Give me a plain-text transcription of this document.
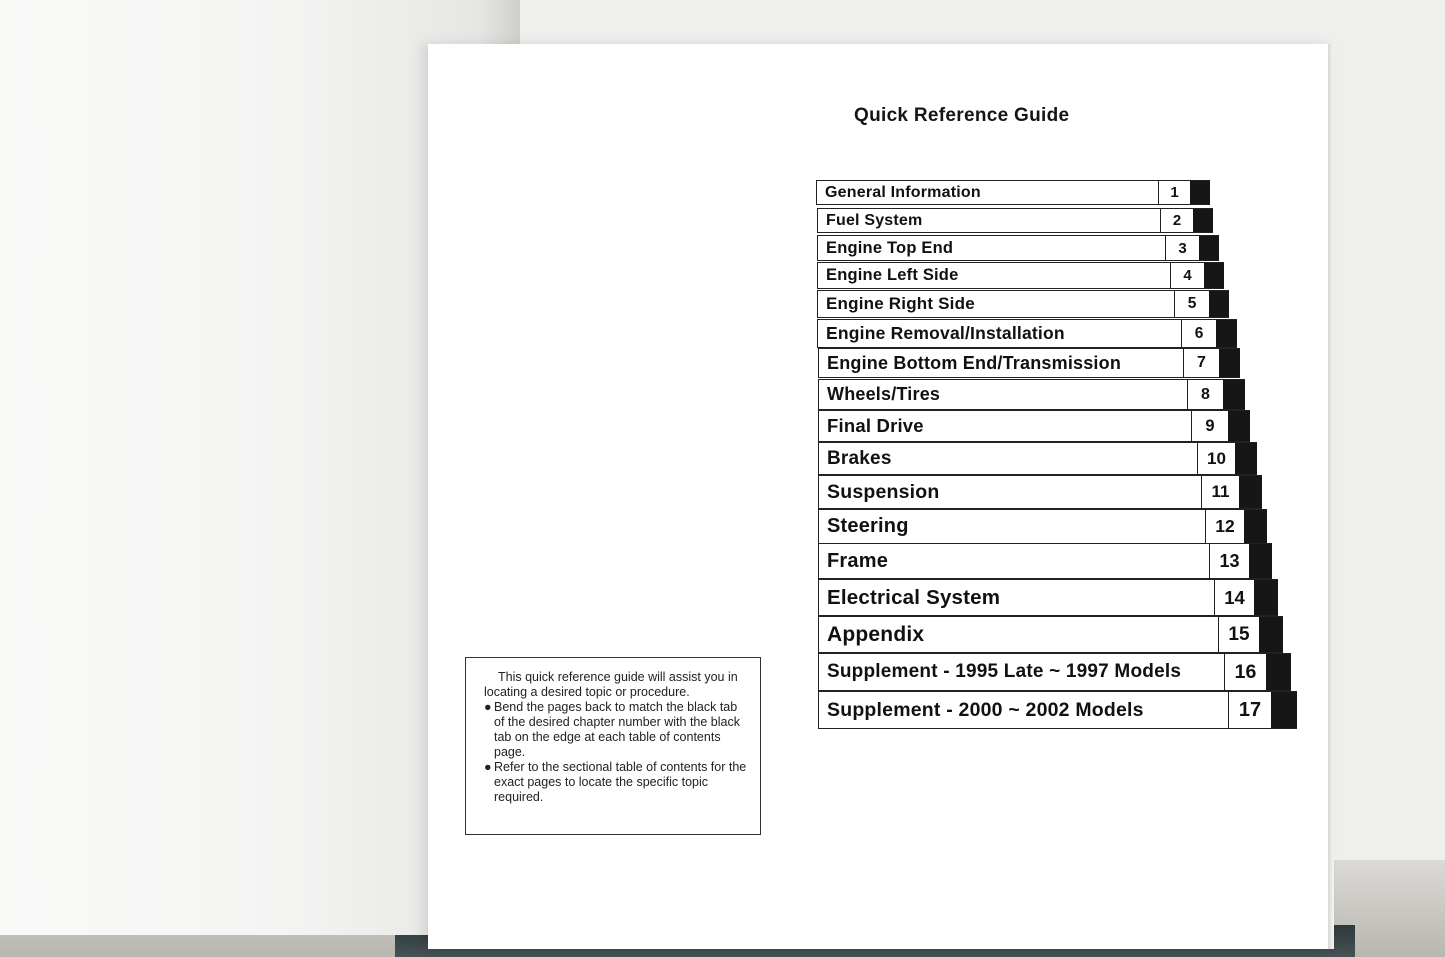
Quick Reference Guide
General Information	1
Fuel System	2
Engine Top End	3
Engine Left Side	4
Engine Right Side	5
Engine Removal/Installation	6
Engine Bottom End/Transmission	7
Wheels/Tires	8
Final Drive	9
Brakes	10
Suspension	11
Steering	12
Frame	13
Electrical System	14
Appendix	15
Supplement - 1995 Late ~ 1997 Models	16
Supplement - 2000 ~ 2002 Models	17

This quick reference guide will assist you in locating a desired topic or procedure.

● Bend the pages back to match the black tab of the desired chapter number with the black tab on the edge at each table of contents page.
● Refer to the sectional table of contents for the exact pages to locate the specific topic required.
